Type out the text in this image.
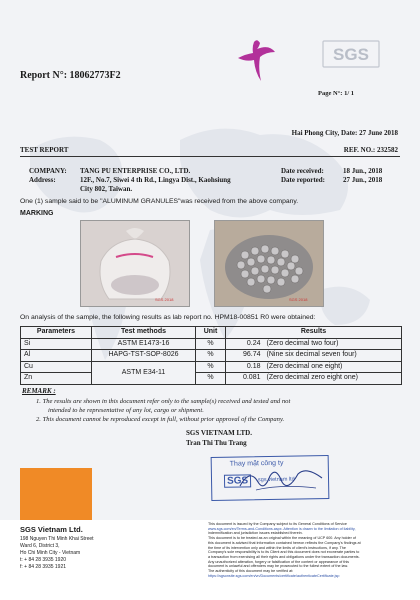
SGS
Report N°: 18062773F2
Page N°: 1/ 1
Hai Phong City, Date: 27 June 2018
TEST REPORT	REF. NO.: 232582
COMPANY: TANG PU ENTERPRISE CO., LTD.
Address:	12F., No.7, Siwei 4 th Rd., Lingya Dist., Kaohsiung
City 802, Taiwan.
Date received:	18 Jun., 2018
Date reported:	27 Jun., 2018
One (1) sample said to be "ALUMINUM GRANULES"was received from the above company.
MARKING
SGS 2018	SGS 2018
On analysis of the sample, the following results as lab report no. HPM18-00851 R0 were obtained:
Parameters	Test methods	Unit	Results	
Si	ASTM E1473-16	%	0.24	(Zero decimal two four)
Al	HAPG-TST-SOP-8026	%	96.74	(Nine six decimal seven four)
Cu	ASTM E34-11	%	0.18	(Zero decimal one eight)
Zn		%	0.081	(Zero decimal zero eight one)
REMARK :
1. The results are shown in this document refer only to the sample(s) received and tested and not
intended to be representative of any lot, cargo or shipment.
2. This document cannot be reproduced except in full, without prior approval of the Company.
SGS VIETNAM LTD.
Tran Thi Thu Trang
Thay mặt công ty
SGS	sgs vietnam ltd
SGS Vietnam Ltd.
198 Nguyen Thi Minh Khai Street
Ward 6, District 3,
Ho Chi Minh City - Vietnam
t: + 84 28 3935 1920
f: + 84 28 3935 1921
This document is issued by the Company subject to its General Conditions of Service
www.sgs.com/en/Terms-and-Conditions.aspx. Attention is drawn to the limitation of liability,
indemnification and jurisdiction issues established therein.
This document is to be treated as an original within the meaning of UCP 600. Any holder of
this document is advised that information contained hereon reflects the Company's findings at
the time of its intervention only and within the limits of client's instructions, if any. The
Company's sole responsibility is to its Client and this document does not exonerate parties to
a transaction from exercising all their rights and obligations under the transaction documents.
Any unauthorized alteration, forgery or falsification of the content or appearance of this
document is unlawful and offenders may be prosecuted to the fullest extent of the law.
The authenticity of this document may be verified at:
https://sgsonsite.sgs.com/en/vn/Documents/certificate/authenticateCertificate.jsp
